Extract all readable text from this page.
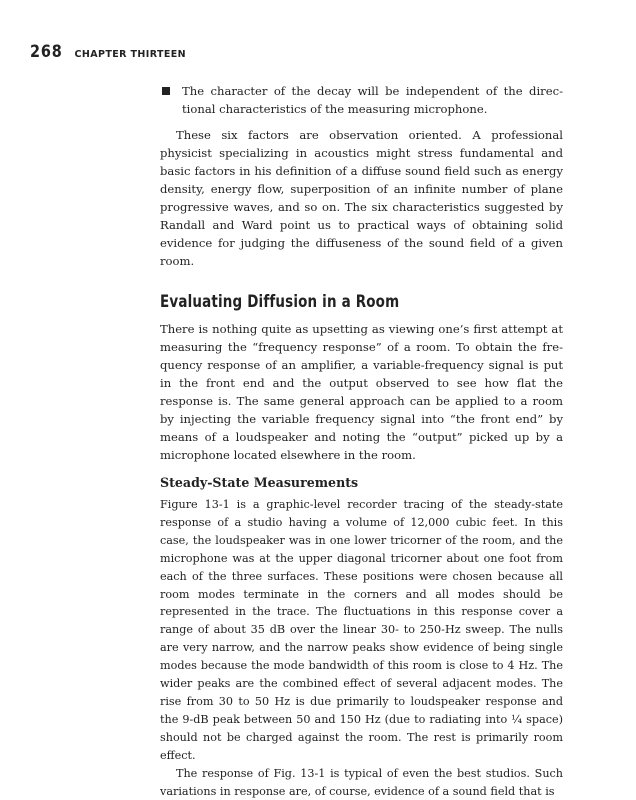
268 CHAPTER THIRTEEN
The character of the decay will be independent of the directional characteristics of the measuring microphone.

These six factors are observation oriented. A professional physicist specializing in acoustics might stress fundamental and basic factors in his definition of a diffuse sound field such as energy density, energy flow, superposition of an infinite number of plane progressive waves, and so on. The six characteristics suggested by Randall and Ward point us to practical ways of obtaining solid evidence for judging the diffuseness of the sound field of a given room.

Evaluating Diffusion in a Room

There is nothing quite as upsetting as viewing one’s first attempt at measuring the “frequency response” of a room. To obtain the frequency response of an amplifier, a variable-frequency signal is put in the front end and the output observed to see how flat the response is. The same general approach can be applied to a room by injecting the variable frequency signal into “the front end” by means of a loudspeaker and noting the “output” picked up by a microphone located elsewhere in the room.

Steady-State Measurements

Figure 13-1 is a graphic-level recorder tracing of the steady-state response of a studio having a volume of 12,000 cubic feet. In this case, the loudspeaker was in one lower tricorner of the room, and the microphone was at the upper diagonal tricorner about one foot from each of the three surfaces. These positions were chosen because all room modes terminate in the corners and all modes should be represented in the trace. The fluctuations in this response cover a range of about 35 dB over the linear 30- to 250-Hz sweep. The nulls are very narrow, and the narrow peaks show evidence of being single modes because the mode bandwidth of this room is close to 4 Hz. The wider peaks are the combined effect of several adjacent modes. The rise from 30 to 50 Hz is due primarily to loudspeaker response and the 9-dB peak between 50 and 150 Hz (due to radiating into ¼ space) should not be charged against the room. The rest is primarily room effect.

The response of Fig. 13-1 is typical of even the best studios. Such variations in response are, of course, evidence of a sound field that is
